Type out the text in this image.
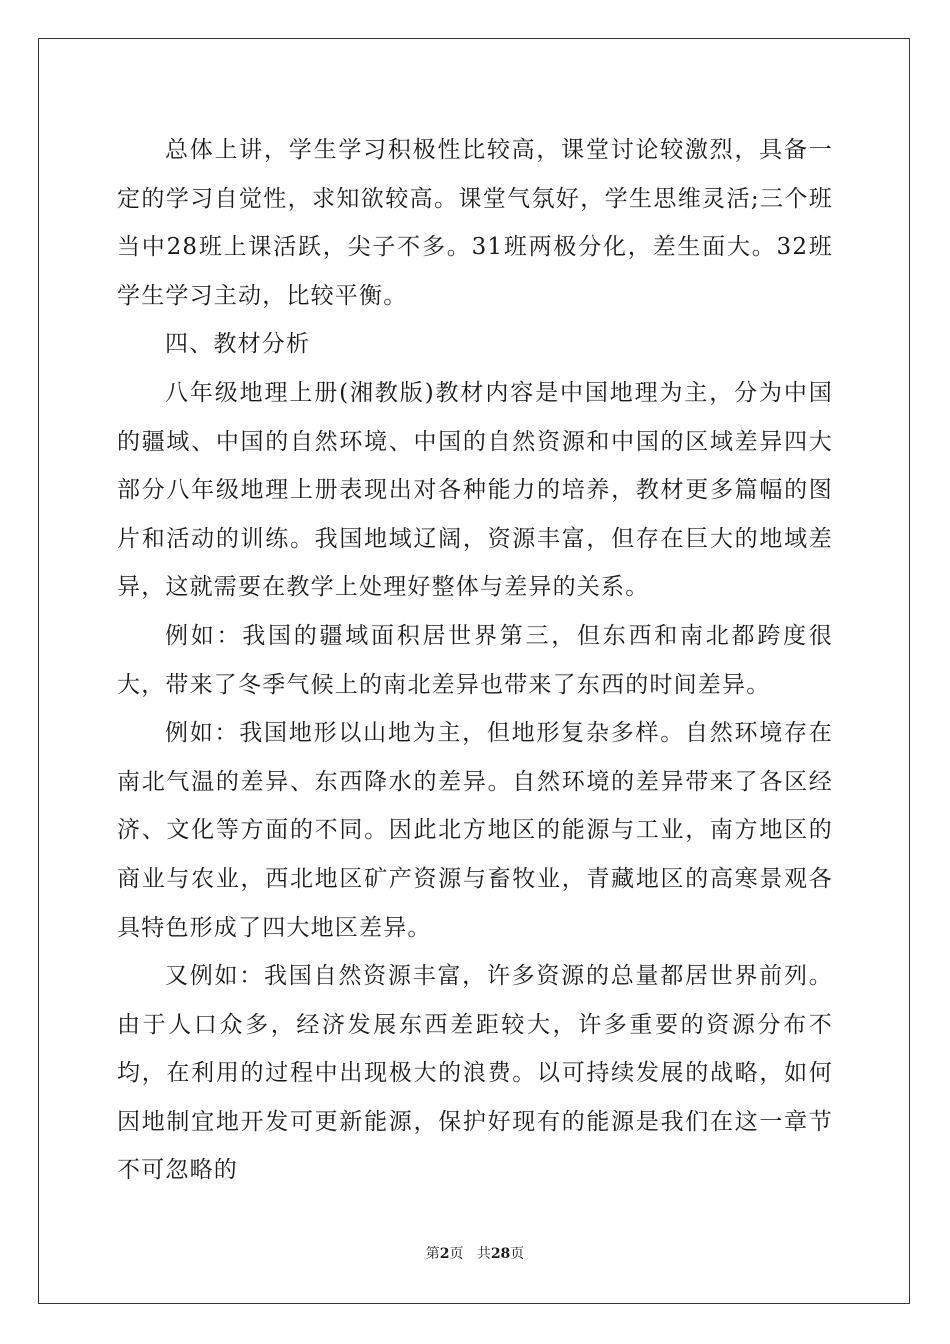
总体上讲，学生学习积极性比较高，课堂讨论较激烈，具备一定的学习自觉性，求知欲较高。课堂气氛好，学生思维灵活;三个班当中28班上课活跃，尖子不多。31班两极分化，差生面大。32班学生学习主动，比较平衡。

四、教材分析

八年级地理上册(湘教版)教材内容是中国地理为主，分为中国的疆域、中国的自然环境、中国的自然资源和中国的区域差异四大部分八年级地理上册表现出对各种能力的培养，教材更多篇幅的图片和活动的训练。我国地域辽阔，资源丰富，但存在巨大的地域差异，这就需要在教学上处理好整体与差异的关系。

例如：我国的疆域面积居世界第三，但东西和南北都跨度很大，带来了冬季气候上的南北差异也带来了东西的时间差异。

例如：我国地形以山地为主，但地形复杂多样。自然环境存在南北气温的差异、东西降水的差异。自然环境的差异带来了各区经济、文化等方面的不同。因此北方地区的能源与工业，南方地区的商业与农业，西北地区矿产资源与畜牧业，青藏地区的高寒景观各具特色形成了四大地区差异。

又例如：我国自然资源丰富，许多资源的总量都居世界前列。由于人口众多，经济发展东西差距较大，许多重要的资源分布不均，在利用的过程中出现极大的浪费。以可持续发展的战略，如何因地制宜地开发可更新能源，保护好现有的能源是我们在这一章节不可忽略的

第2页 共28页
